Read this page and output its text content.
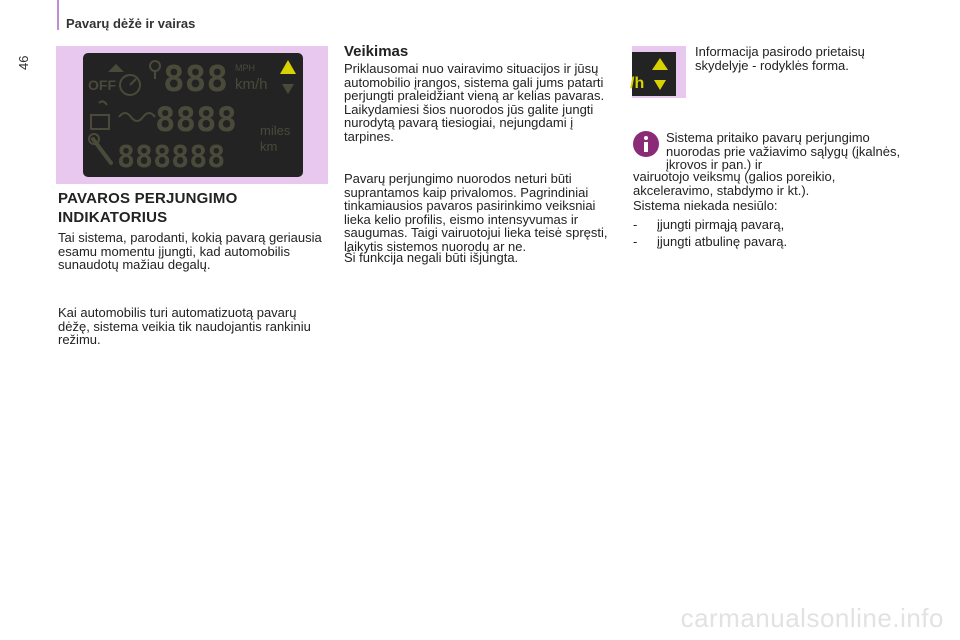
46
Pavarų dėžė ir vairas
OFF 888 MPH
km/h
8888 miles
km
888888
PAVAROS PERJUNGIMO
INDIKATORIUS

Tai sistema, parodanti, kokią pavarą geriausia esamu momentu įjungti, kad automobilis sunaudotų mažiau degalų.

Kai automobilis turi automatizuotą pavarų dėžę, sistema veikia tik naudojantis rankiniu režimu.

Veikimas

Priklausomai nuo vairavimo situacijos ir jūsų automobilio įrangos, sistema gali jums patarti perjungti praleidžiant vieną ar kelias pavaras. Laikydamiesi šios nuorodos jūs galite jungti nurodytą pavarą tiesiogiai, nejungdami į tarpines.

Pavarų perjungimo nuorodos neturi būti suprantamos kaip privalomos. Pagrindiniai tinkamiausios pavaros pasirinkimo veiksniai lieka kelio profilis, eismo intensyvumas ir saugumas. Taigi vairuotojui lieka teisė spręsti, laikytis sistemos nuorodų ar ne.

Ši funkcija negali būti išjungta.

/h

Informacija pasirodo prietaisų skydelyje - rodyklės forma.

Sistema pritaiko pavarų perjungimo nuorodas prie važiavimo sąlygų (įkalnės, įkrovos ir pan.) ir

vairuotojo veiksmų (galios poreikio, akceleravimo, stabdymo ir kt.).

Sistema niekada nesiūlo:

- įjungti pirmąją pavarą,
- įjungti atbulinę pavarą.
carmanualsonline.info
